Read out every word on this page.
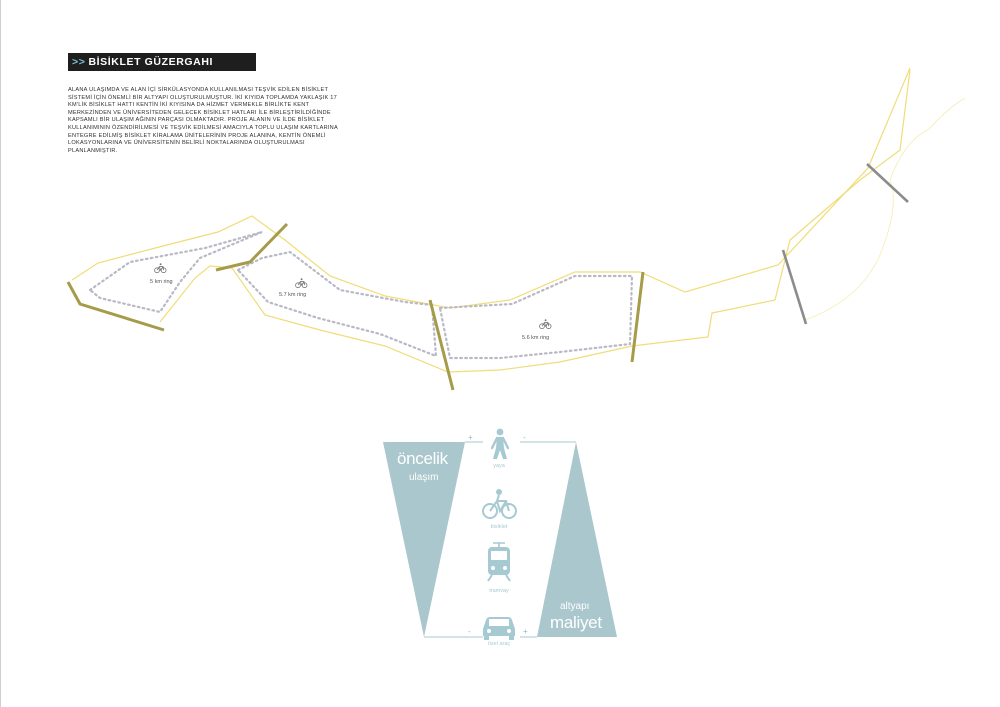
>> BİSİKLET GÜZERGAHI
ALANA ULAŞIMDA VE ALAN İÇİ SİRKÜLASYONDA KULLANILMASI TEŞVİK EDİLEN BİSİKLET SİSTEMİ İÇİN ÖNEMLİ BİR ALTYAPI OLUŞTURULMUŞTUR. İKİ KIYIDA TOPLAMDA YAKLAŞIK 17 KM'LİK BİSİKLET HATTI KENTİN İKİ KIYISINA DA HİZMET VERMEKLE BİRLİKTE KENT MERKEZİNDEN VE ÜNİVERSİTEDEN GELECEK BİSİKLET HATLARI İLE BİRLEŞTİRİLDİĞİNDE KAPSAMLI BİR ULAŞIM AĞININ PARÇASI OLMAKTADIR. PROJE ALANIN VE İLDE BİSİKLET KULLANIMININ ÖZENDİRİLMESİ VE TEŞVİK EDİLMESİ AMACIYLA TOPLU ULAŞIM KARTLARINA ENTEGRE EDİLMİŞ BİSİKLET KİRALAMA ÜNİTELERİNİN PROJE ALANINA, KENTİN ÖNEMLİ LOKASYONLARINA VE ÜNİVERSİTENİN BELİRLİ NOKTALARINDA OLUŞTURULMASI PLANLANMIŞTIR.
5 km ring
5.7 km ring
5.6 km ring
öncelik
ulaşım
altyapı
maliyet
+
-
-
+
yaya
bisiklet
tramvay
özel araç
